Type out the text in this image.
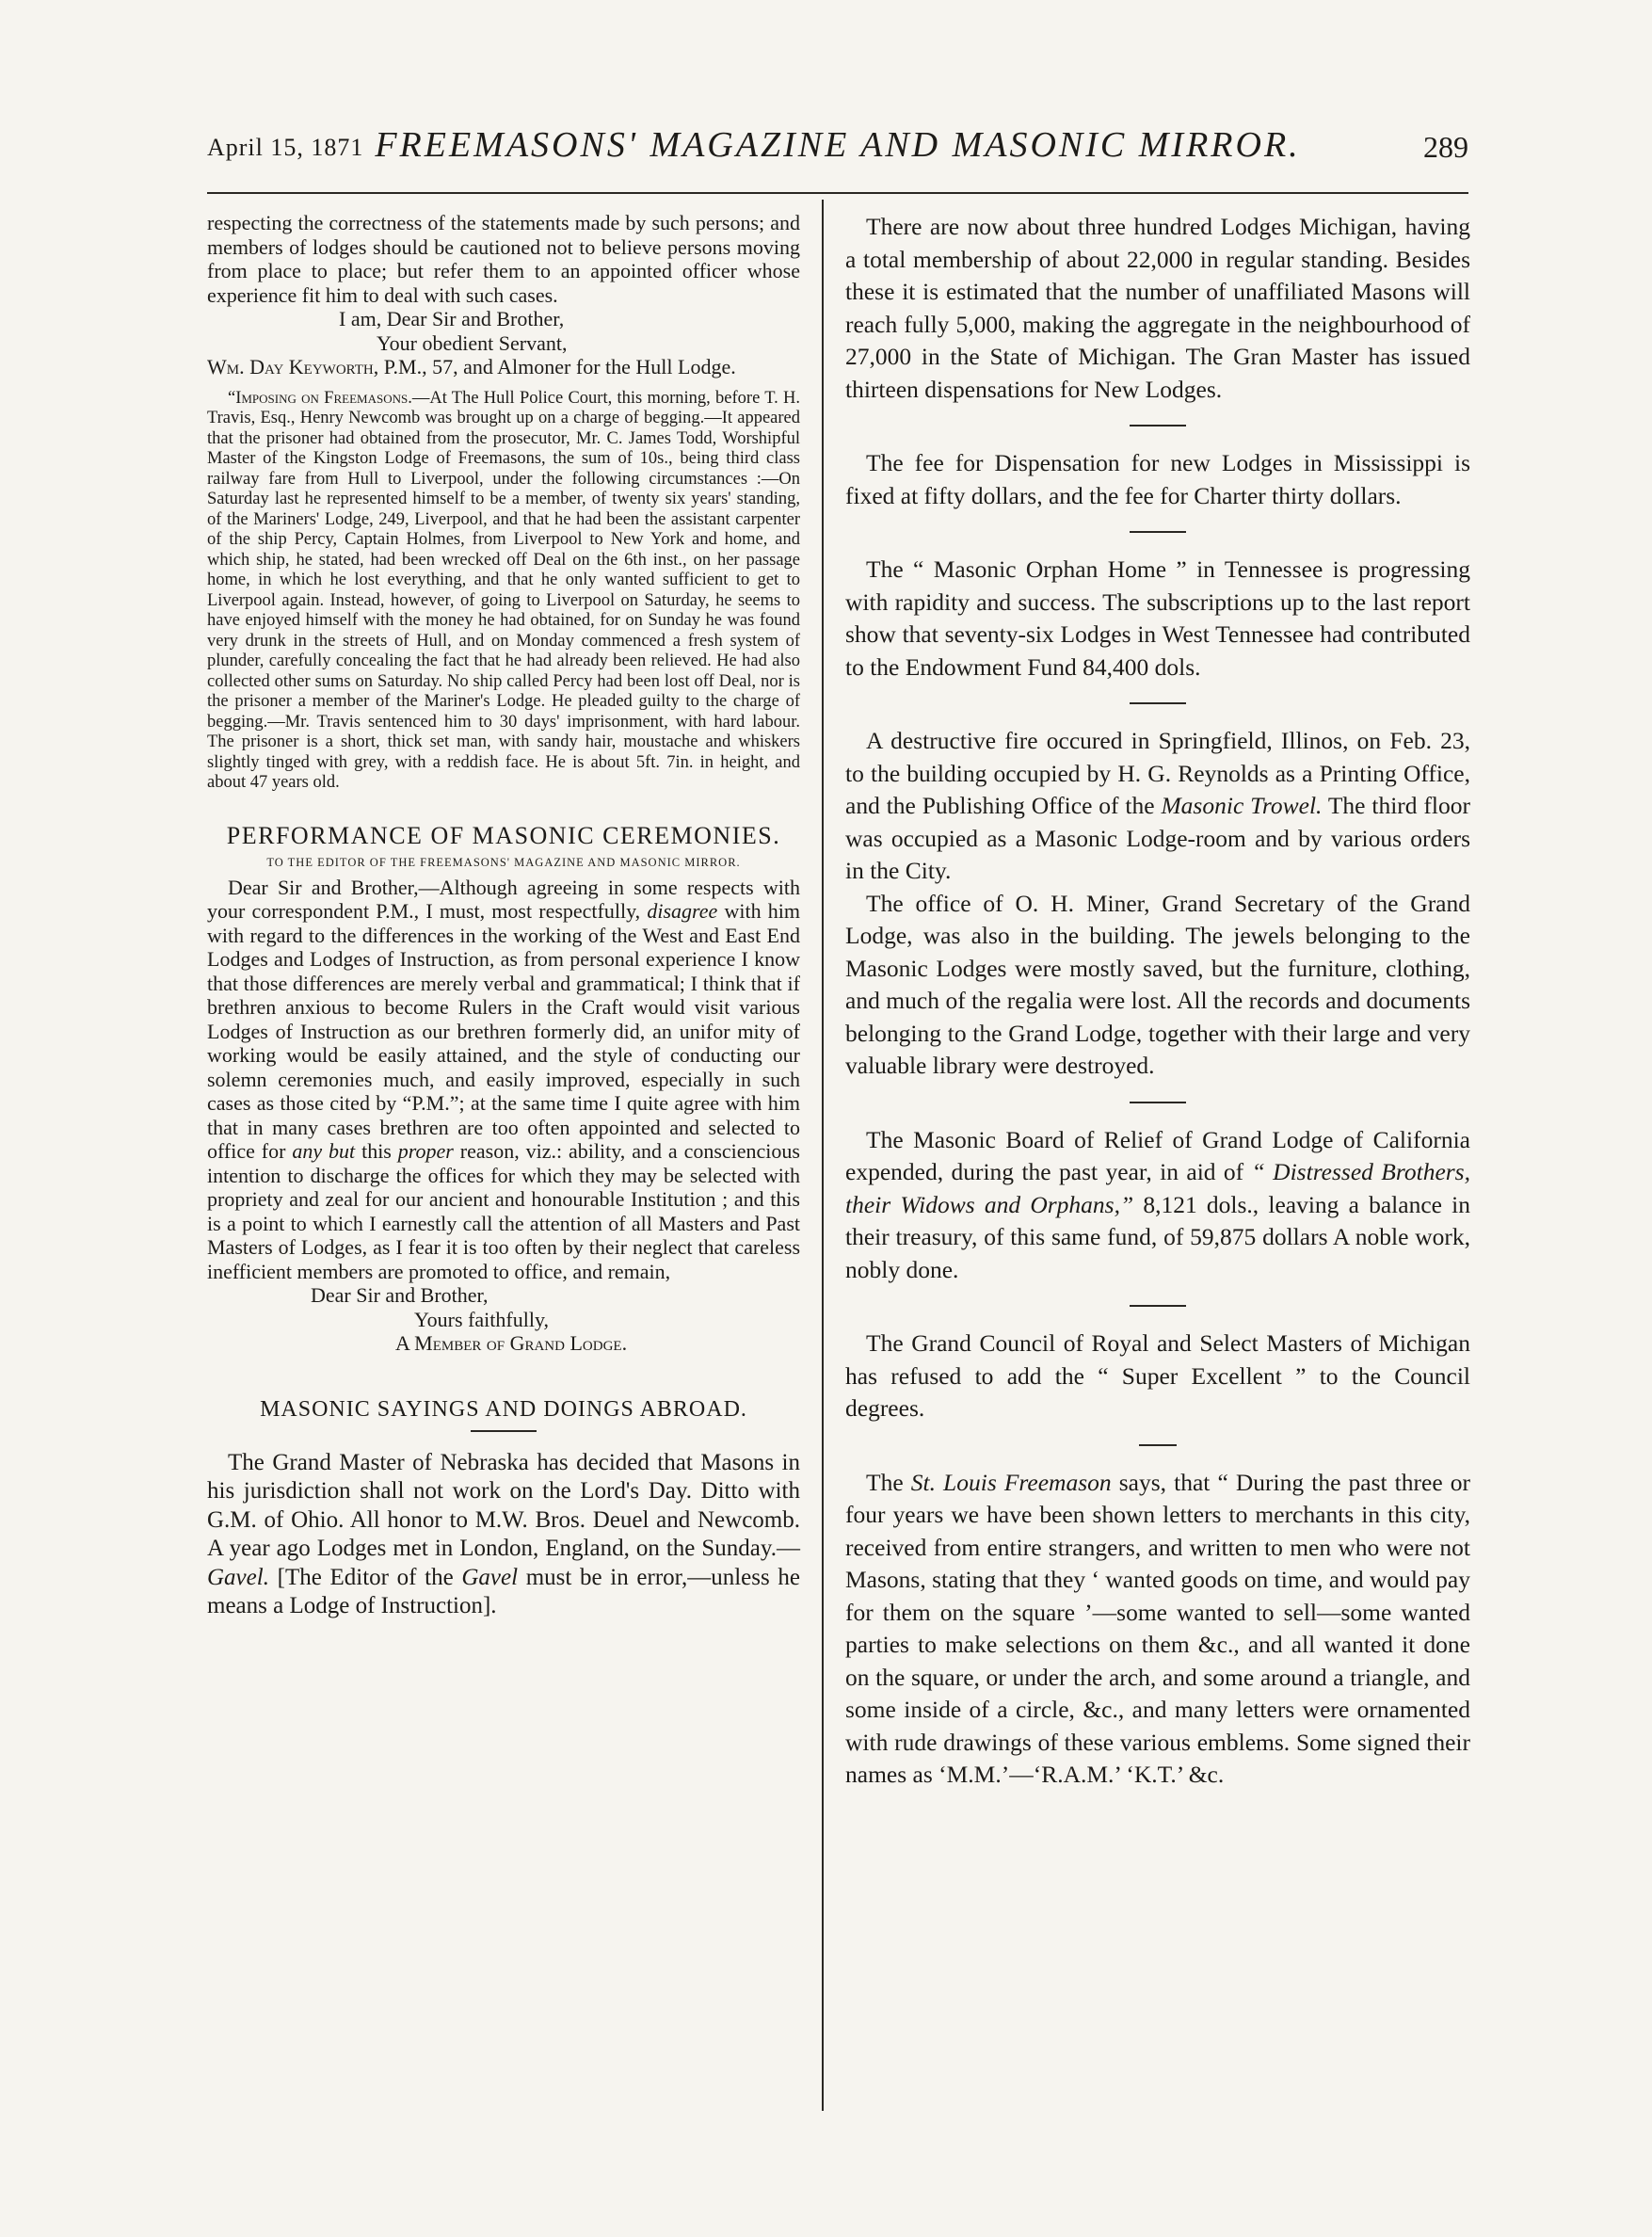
April 15, 1871 FREEMASONS' MAGAZINE AND MASONIC MIRROR.	289

respecting the correctness of the statements made by such persons; and members of lodges should be cautioned not to believe persons moving from place to place; but refer them to an appointed officer whose experience fit him to deal with such cases.

I am, Dear Sir and Brother,

Your obedient Servant,

Wm. Day Keyworth, P.M., 57, and Almoner for the Hull Lodge.

“Imposing on Freemasons.—At The Hull Police Court, this morning, before T. H. Travis, Esq., Henry Newcomb was brought up on a charge of begging.—It appeared that the prisoner had obtained from the prosecutor, Mr. C. James Todd, Worshipful Master of the Kingston Lodge of Freemasons, the sum of 10s., being third class railway fare from Hull to Liverpool, under the following circumstances :—On Saturday last he represented himself to be a member, of twenty six years' standing, of the Mariners' Lodge, 249, Liverpool, and that he had been the assistant carpenter of the ship Percy, Captain Holmes, from Liverpool to New York and home, and which ship, he stated, had been wrecked off Deal on the 6th inst., on her passage home, in which he lost everything, and that he only wanted sufficient to get to Liverpool again. Instead, however, of going to Liverpool on Saturday, he seems to have enjoyed himself with the money he had obtained, for on Sunday he was found very drunk in the streets of Hull, and on Monday commenced a fresh system of plunder, carefully concealing the fact that he had already been relieved. He had also collected other sums on Saturday. No ship called Percy had been lost off Deal, nor is the prisoner a member of the Mariner's Lodge. He pleaded guilty to the charge of begging.—Mr. Travis sentenced him to 30 days' imprisonment, with hard labour. The prisoner is a short, thick set man, with sandy hair, moustache and whiskers slightly tinged with grey, with a reddish face. He is about 5ft. 7in. in height, and about 47 years old.

PERFORMANCE OF MASONIC CEREMONIES.
TO THE EDITOR OF THE FREEMASONS' MAGAZINE AND MASONIC MIRROR.

Dear Sir and Brother,—Although agreeing in some respects with your correspondent P.M., I must, most respectfully, disagree with him with regard to the differences in the working of the West and East End Lodges and Lodges of Instruction, as from personal experience I know that those differences are merely verbal and grammatical; I think that if brethren anxious to become Rulers in the Craft would visit various Lodges of Instruction as our brethren formerly did, an unifor mity of working would be easily attained, and the style of conducting our solemn ceremonies much, and easily improved, especially in such cases as those cited by “P.M.”; at the same time I quite agree with him that in many cases brethren are too often appointed and selected to office for any but this proper reason, viz.: ability, and a consciencious intention to discharge the offices for which they may be selected with propriety and zeal for our ancient and honourable Institution ; and this is a point to which I earnestly call the attention of all Masters and Past Masters of Lodges, as I fear it is too often by their neglect that careless inefficient members are promoted to office, and remain,

Dear Sir and Brother,

Yours faithfully,

A Member of Grand Lodge.

MASONIC SAYINGS AND DOINGS ABROAD.

The Grand Master of Nebraska has decided that Masons in his jurisdiction shall not work on the Lord's Day. Ditto with G.M. of Ohio. All honor to M.W. Bros. Deuel and Newcomb. A year ago Lodges met in London, England, on the Sunday.—Gavel. [The Editor of the Gavel must be in error,—unless he means a Lodge of Instruction].

There are now about three hundred Lodges Michigan, having a total membership of about 22,000 in regular standing. Besides these it is estimated that the number of unaffiliated Masons will reach fully 5,000, making the aggregate in the neighbourhood of 27,000 in the State of Michigan. The Gran Master has issued thirteen dispensations for New Lodges.

The fee for Dispensation for new Lodges in Mississippi is fixed at fifty dollars, and the fee for Charter thirty dollars.

The “ Masonic Orphan Home ” in Tennessee is progressing with rapidity and success. The subscriptions up to the last report show that seventy-six Lodges in West Tennessee had contributed to the Endowment Fund 84,400 dols.

A destructive fire occured in Springfield, Illinos, on Feb. 23, to the building occupied by H. G. Reynolds as a Printing Office, and the Publishing Office of the Masonic Trowel. The third floor was occupied as a Masonic Lodge-room and by various orders in the City.

The office of O. H. Miner, Grand Secretary of the Grand Lodge, was also in the building. The jewels belonging to the Masonic Lodges were mostly saved, but the furniture, clothing, and much of the regalia were lost. All the records and documents belonging to the Grand Lodge, together with their large and very valuable library were destroyed.

The Masonic Board of Relief of Grand Lodge of California expended, during the past year, in aid of “ Distressed Brothers, their Widows and Orphans,” 8,121 dols., leaving a balance in their treasury, of this same fund, of 59,875 dollars A noble work, nobly done.

The Grand Council of Royal and Select Masters of Michigan has refused to add the “ Super Excellent ” to the Council degrees.

The St. Louis Freemason says, that “ During the past three or four years we have been shown letters to merchants in this city, received from entire strangers, and written to men who were not Masons, stating that they ‘ wanted goods on time, and would pay for them on the square ’—some wanted to sell—some wanted parties to make selections on them &c., and all wanted it done on the square, or under the arch, and some around a triangle, and some inside of a circle, &c., and many letters were ornamented with rude drawings of these various emblems. Some signed their names as ‘M.M.’—‘R.A.M.’ ‘K.T.’ &c.
